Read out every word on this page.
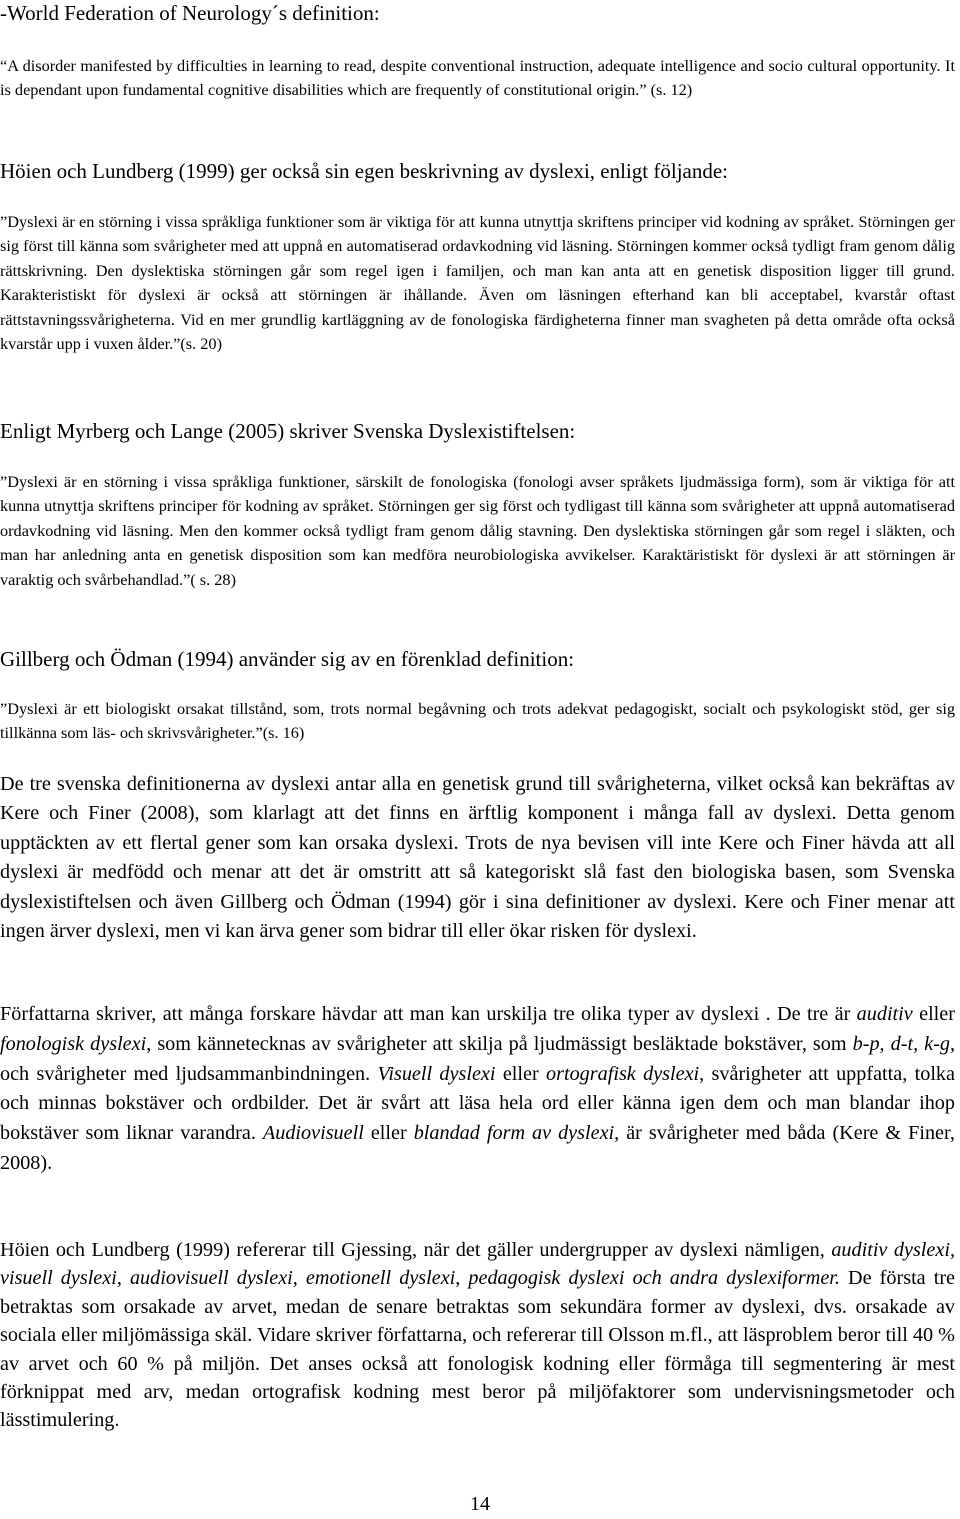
-World Federation of Neurology´s definition:
“A disorder manifested by difficulties in learning to read, despite conventional instruction, adequate intelligence and socio cultural opportunity. It is dependant upon fundamental cognitive disabilities which are frequently of constitutional origin.” (s. 12)
Höien och Lundberg (1999) ger också sin egen beskrivning av dyslexi, enligt följande:
”Dyslexi är en störning i vissa språkliga funktioner som är viktiga för att kunna utnyttja skriftens principer vid kodning av språket. Störningen ger sig först till känna som svårigheter med att uppnå en automatiserad ordavkodning vid läsning. Störningen kommer också tydligt fram genom dålig rättskrivning. Den dyslektiska störningen går som regel igen i familjen, och man kan anta att en genetisk disposition ligger till grund. Karakteristiskt för dyslexi är också att störningen är ihållande. Även om läsningen efterhand kan bli acceptabel, kvarstår oftast rättstavningssvårigheterna. Vid en mer grundlig kartläggning av de fonologiska färdigheterna finner man svagheten på detta område ofta också kvarstår upp i vuxen ålder.”(s. 20)
Enligt Myrberg och Lange (2005) skriver Svenska Dyslexistiftelsen:
”Dyslexi är en störning i vissa språkliga funktioner, särskilt de fonologiska (fonologi avser språkets ljudmässiga form), som är viktiga för att kunna utnyttja skriftens principer för kodning av språket. Störningen ger sig först och tydligast till känna som svårigheter att uppnå automatiserad ordavkodning vid läsning. Men den kommer också tydligt fram genom dålig stavning. Den dyslektiska störningen går som regel i släkten, och man har anledning anta en genetisk disposition som kan medföra neurobiologiska avvikelser. Karaktäristiskt för dyslexi är att störningen är varaktig och svårbehandlad.”( s. 28)
Gillberg och Ödman (1994) använder sig av en förenklad definition:
”Dyslexi är ett biologiskt orsakat tillstånd, som, trots normal begåvning och trots adekvat pedagogiskt, socialt och psykologiskt stöd, ger sig tillkänna som läs- och skrivsvårigheter.”(s. 16)
De tre svenska definitionerna av dyslexi antar alla en genetisk grund till svårigheterna, vilket också kan bekräftas av Kere och Finer (2008), som klarlagt att det finns en ärftlig komponent i många fall av dyslexi. Detta genom upptäckten av ett flertal gener som kan orsaka dyslexi. Trots de nya bevisen vill inte Kere och Finer hävda att all dyslexi är medfödd och menar att det är omstritt att så kategoriskt slå fast den biologiska basen, som Svenska dyslexistiftelsen och även Gillberg och Ödman (1994) gör i sina definitioner av dyslexi. Kere och Finer menar att ingen ärver dyslexi, men vi kan ärva gener som bidrar till eller ökar risken för dyslexi.
Författarna skriver, att många forskare hävdar att man kan urskilja tre olika typer av dyslexi . De tre är auditiv eller fonologisk dyslexi, som kännetecknas av svårigheter att skilja på ljudmässigt besläktade bokstäver, som b-p, d-t, k-g, och svårigheter med ljudsammanbindningen. Visuell dyslexi eller ortografisk dyslexi, svårigheter att uppfatta, tolka och minnas bokstäver och ordbilder. Det är svårt att läsa hela ord eller känna igen dem och man blandar ihop bokstäver som liknar varandra. Audiovisuell eller blandad form av dyslexi, är svårigheter med båda (Kere & Finer, 2008).
Höien och Lundberg (1999) refererar till Gjessing, när det gäller undergrupper av dyslexi nämligen, auditiv dyslexi, visuell dyslexi, audiovisuell dyslexi, emotionell dyslexi, pedagogisk dyslexi och andra dyslexiformer. De första tre betraktas som orsakade av arvet, medan de senare betraktas som sekundära former av dyslexi, dvs. orsakade av sociala eller miljömässiga skäl. Vidare skriver författarna, och refererar till Olsson m.fl., att läsproblem beror till 40 % av arvet och 60 % på miljön. Det anses också att fonologisk kodning eller förmåga till segmentering är mest förknippat med arv, medan ortografisk kodning mest beror på miljöfaktorer som undervisningsmetoder och lässtimulering.
14
